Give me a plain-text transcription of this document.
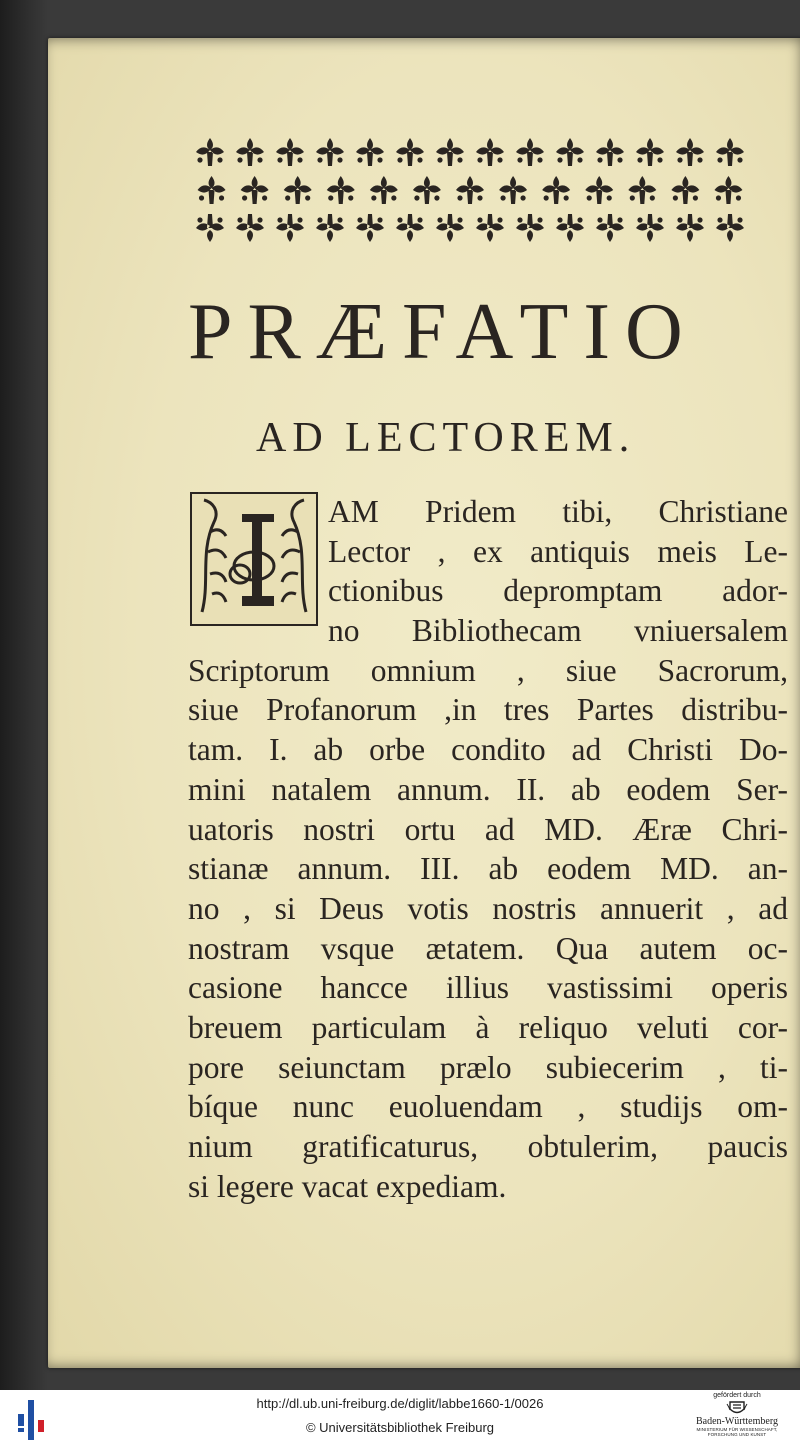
PRÆFATIO
AD LECTOREM.
AM Pridem tibi, Christiane
Lector , ex antiquis meis Le-
ctionibus depromptam ador-
no Bibliothecam vniuersalem
Scriptorum omnium , siue Sacrorum,
siue Profanorum ,in tres Partes distribu-
tam. I. ab orbe condito ad Christi Do-
mini natalem annum. II. ab eodem Ser-
uatoris nostri ortu ad MD. Æræ Chri-
stianæ annum. III. ab eodem MD. an-
no , si Deus votis nostris annuerit , ad
nostram vsque ætatem. Qua autem oc-
casione hancce illius vastissimi operis
breuem particulam à reliquo veluti cor-
pore seiunctam prælo subiecerim , ti-
bíque nunc euoluendam , studijs om-
nium gratificaturus, obtulerim, paucis
si legere vacat expediam.
http://dl.ub.uni-freiburg.de/diglit/labbe1660-1/0026
© Universitätsbibliothek Freiburg
gefördert durch
Baden-Württemberg
MINISTERIUM FÜR WISSENSCHAFT, FORSCHUNG UND KUNST
